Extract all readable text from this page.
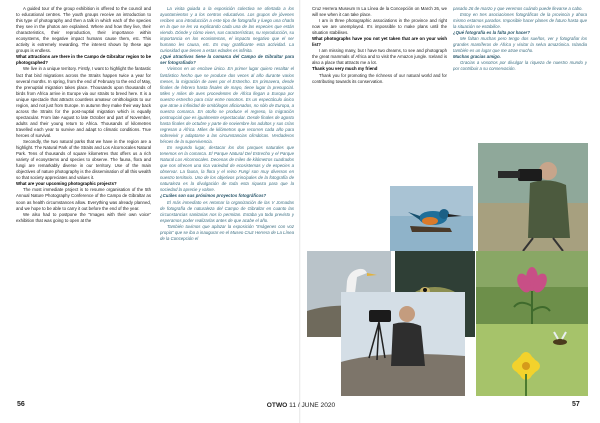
A guided tour of the group exhibition is offered to the council and to educational centres. The youth groups receive an introduction to this type of photography and then a talk in which each of the species they see in the photos are explained. Where and how they live, their characteristics, their reproduction, their importance within ecosystems, the negative impact humans cause them, etc. This activity is extremely rewarding. The interest shown by these age groups is endless.

What attractions are there in the Campo de Gibraltar region to be photographed?

We live in a unique territory. Firstly, I want to highlight the fantastic fact that bird migrations across the Straits happen twice a year for several months. In spring, from the end of February to the end of May, the prenuptial migration takes place. Thousands upon thousands of birds from Africa arrive in Europe via our straits to breed here. It is a unique spectacle that attracts countless amateur ornithologists to our region, and not just from Europe. In autumn they make their way back across the Straits for the post-nuptial migration which is equally spectacular. From late August to late October and part of November, adults and their young return to Africa. Thousands of kilometres travelled each year to survive and adapt to climatic conditions. True heroes of survival.

Secondly, the two natural parks that we have in the region are a highlight. The Natural Park of the Straits and Los Alcornocales Natural Park. Tens of thousands of square kilometres that offers us a rich variety of ecosystems and species to observe. The fauna, flora and fungi are remarkably diverse in our territory. Use of the main objectives of nature photography is the dissemination of all this wealth so that society appreciates and values it.

What are your upcoming photographic projects?

The most immediate project is to resume organisation of the 5th Annual Nature Photography Conference of the Campo de Gibraltar as soon as health circumstances allow. Everything was already planned, and we hope to be able to carry it out before the end of the year.

We also had to postpone the "Images with their own voice" exhibition that was going to open at the

La visita guiada a la exposición colectiva se ofertada a los ayuntamientos y a los centros educativos. Los grupos de jóvenes reciben una introducción a este tipo de fotografía y luego una charla en la que se les va explicando cada una de las especies que están viendo. Dónde y cómo viven, sus características, su reproducción, su importancia en los ecosistemas, el impacto negativo que el ser humano les causa, etc. Es muy gratificante esta actividad. La curiosidad que tienen a estas edades es infinita.

¿Qué atractivos tiene la comarca del Campo de Gibraltar para ser fotografiado?

Vivimos en un enclave único. En primer lugar quiero resaltar el fantástico hecho que se produce dos veces al año durante varios meses, la migración de aves por el Estrecho. En primavera, desde finales de febrero hasta finales de mayo, tiene lugar la prenupcial. Miles y miles de aves procedentes de África llegan a Europa por nuestro estrecho para criar entre nosotros. Es un espectáculo único que atrae a infinidad de ornitólogos aficionados, no sólo de Europa, a nuestra comarca. En otoño se produce el regreso, la migración postnupcial que es igualmente espectacular. Desde finales de agosto hasta finales de octubre y parte de noviembre los adultos y sus crías regresan a África. Miles de kilómetros que recorren cada año para sobrevivir y adaptarse a las circunstancias climáticas. Verdaderos héroes de la supervivencia.

En segundo lugar, destacar los dos parques naturales que tenemos en la comarca. El Parque Natural Del Estrecho y el Parque Natural Los Alcornocales. Decenas de miles de kilómetros cuadrados que nos ofrecen una rica variedad de ecosistemas y de especies a observar. La fauna, la flora y el reino Fungi son muy diversos en nuestro territorio. Uno de los objetivos principales de la fotografía de naturaleza es la divulgación de toda esta riqueza para que la sociedad la aprecie y valore.

¿Cuáles son sus próximos proyectos fotográficos?

El más inmediato es retomar la organización de las V Jornadas de fotografía de naturaleza del Campo de Gibraltar en cuanto las circunstancias sanitarias nos lo permitan. Estaba ya todo previsto y esperamos poder realizarlas antes de que acabe el año.

También tuvimos que aplazar la exposición "Imágenes con voz propia" que se iba a inaugurar en el Museo Cruz Herrera de La Línea de la Concepción el

Cruz Herrera Museum In La Línea de la Concepción on March 26, we will see when it can take place.

I am in three photographic associations in the province and right now we are unemployed. It's impossible to make plans until the situation stabilises.

What photographs have you not yet taken that are on your wish list?

I am missing many, but I have two dreams, to see and photograph the great mammals of Africa and to visit the Amazon jungle. Iceland is also a place that attracts me a lot.

Thank you very much my friend

Thank you for promoting the richness of our natural world and for contributing towards its conservation.

pasado 26 de marzo y que veremos cuándo puede llevarse a cabo.

Estoy en tres asociaciones fotográficas de la provincia y ahora mismo estamos parados. Imposible hacer planes de futuro hasta que la situación se estabilice.

¿Qué fotografía es la falta por hacer?

Me faltan muchas pero tengo dos sueños, ver y fotografiar los grandes mamíferos de África y visitar la selva amazónica. Islandia también es un lugar que me atrae mucho.

Muchas gracias amigo.

Gracias a vosotros por divulgar la riqueza de nuestro mundo y por contribuir a su conservación.

56	OTWO 11 / JUNE 2020	57
